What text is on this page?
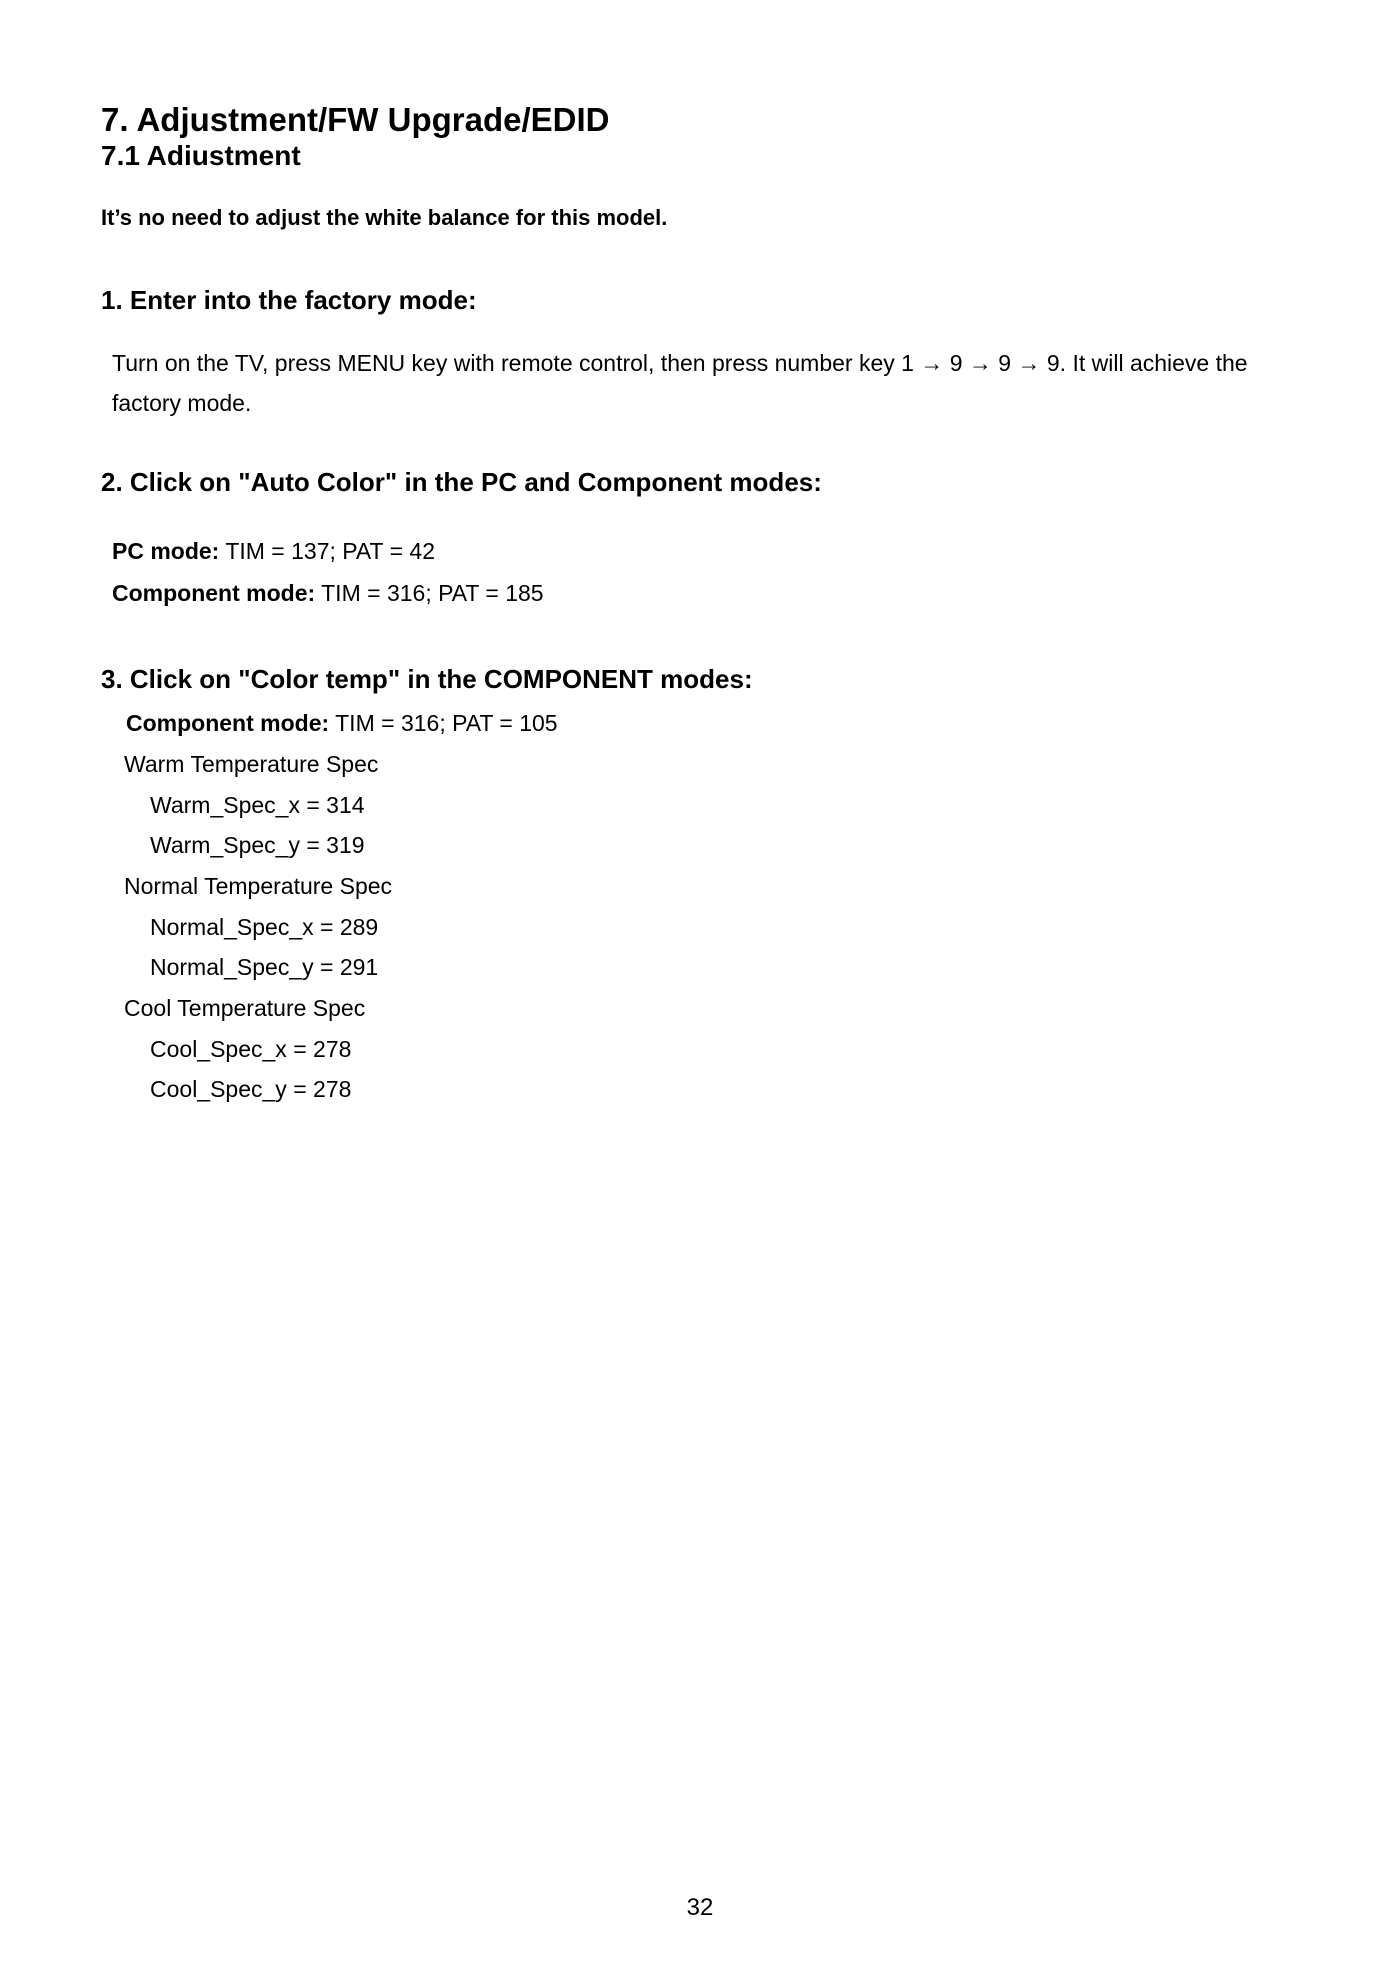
7. Adjustment/FW Upgrade/EDID
7.1 Adiustment
It’s no need to adjust the white balance for this model.
1. Enter into the factory mode:
Turn on the TV, press MENU key with remote control, then press number key 1 → 9 → 9 → 9. It will achieve the factory mode.
2. Click on "Auto Color" in the PC and Component modes:
PC mode: TIM = 137; PAT = 42
Component mode: TIM = 316; PAT = 185
3. Click on "Color temp" in the COMPONENT modes:
Component mode: TIM = 316; PAT = 105
Warm Temperature Spec
Warm_Spec_x = 314
Warm_Spec_y = 319
Normal Temperature Spec
Normal_Spec_x = 289
Normal_Spec_y = 291
Cool Temperature Spec
Cool_Spec_x = 278
Cool_Spec_y = 278
32
